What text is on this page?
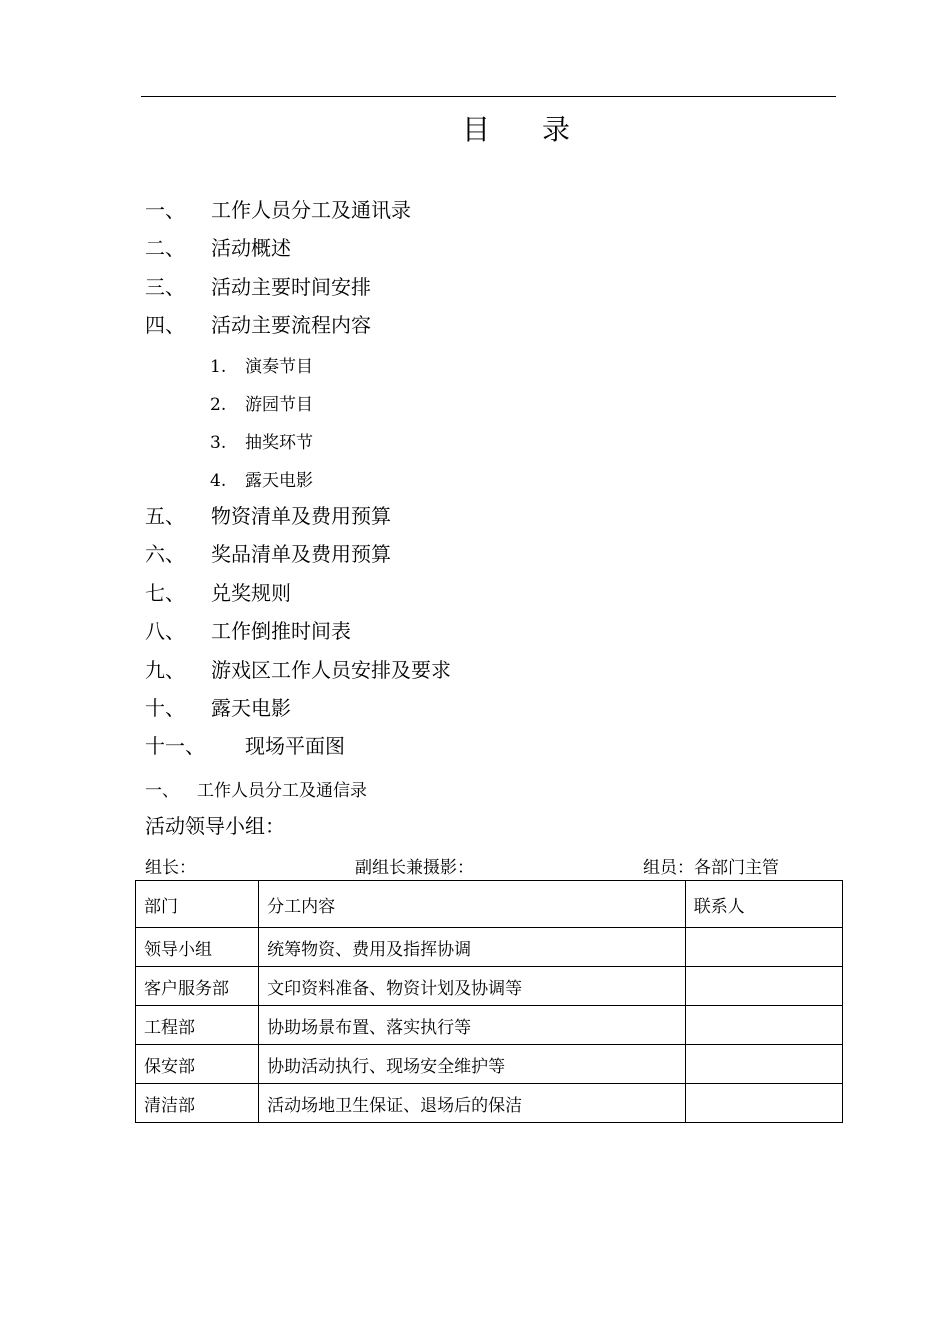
目 录
一、 工作人员分工及通讯录
二、 活动概述
三、 活动主要时间安排
四、 活动主要流程内容
1. 演奏节目
2. 游园节目
3. 抽奖环节
4. 露天电影
五、 物资清单及费用预算
六、 奖品清单及费用预算
七、 兑奖规则
八、 工作倒推时间表
九、 游戏区工作人员安排及要求
十、 露天电影
十一、 现场平面图
一、 工作人员分工及通信录
活动领导小组：
组长：	副组长兼摄影：	组员：各部门主管
部门	分工内容	联系人
领导小组	统筹物资、费用及指挥协调	
客户服务部	文印资料准备、物资计划及协调等	
工程部	协助场景布置、落实执行等	
保安部	协助活动执行、现场安全维护等	
清洁部	活动场地卫生保证、退场后的保洁	
